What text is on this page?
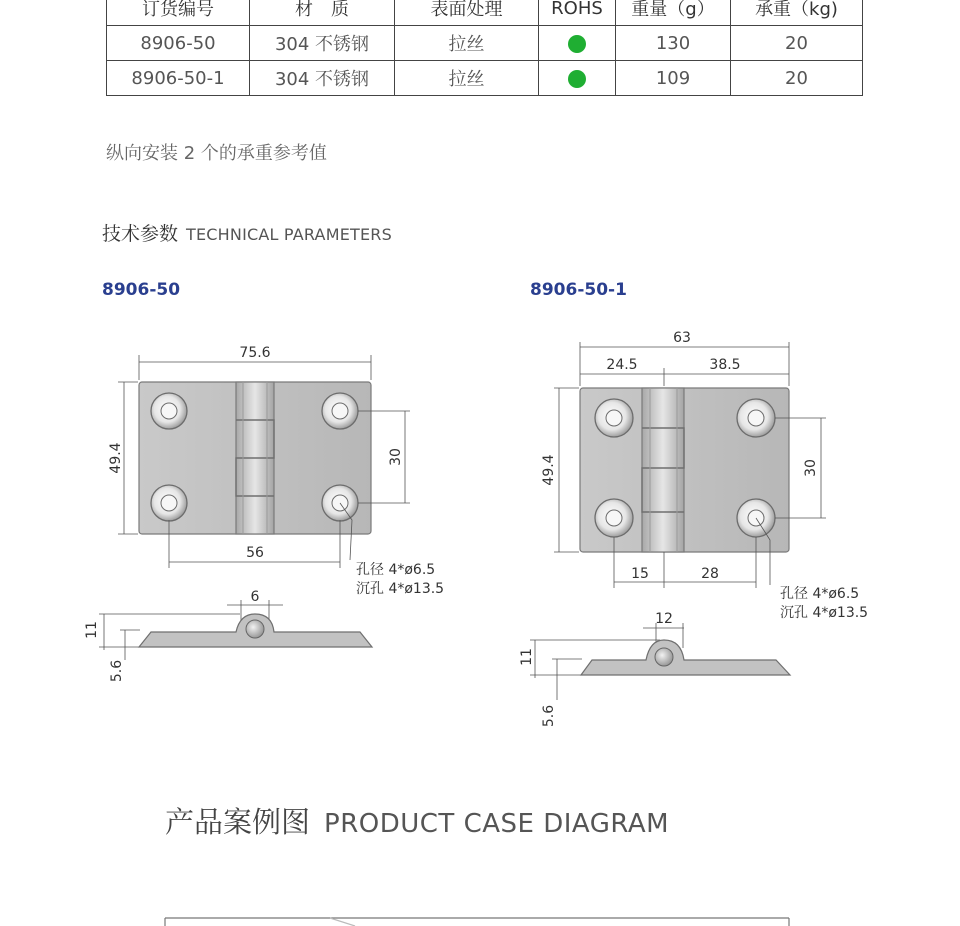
订货编号	材　质	表面处理	ROHS	重量（g）	承重（kg)
8906-50	304 不锈钢	拉丝		130	20
8906-50-1	304 不锈钢	拉丝		109	20
纵向安装 2 个的承重参考值
技术参数 TECHNICAL PARAMETERS
8906-50	8906-50-1
75.6
49.4	30
56
孔径 4*ø6.5
沉孔 4*ø13.5
6
11
5.6
63
24.5	38.5
49.4	30
15	28
孔径 4*ø6.5
沉孔 4*ø13.5
12
11
5.6
产品案例图 PRODUCT CASE DIAGRAM
